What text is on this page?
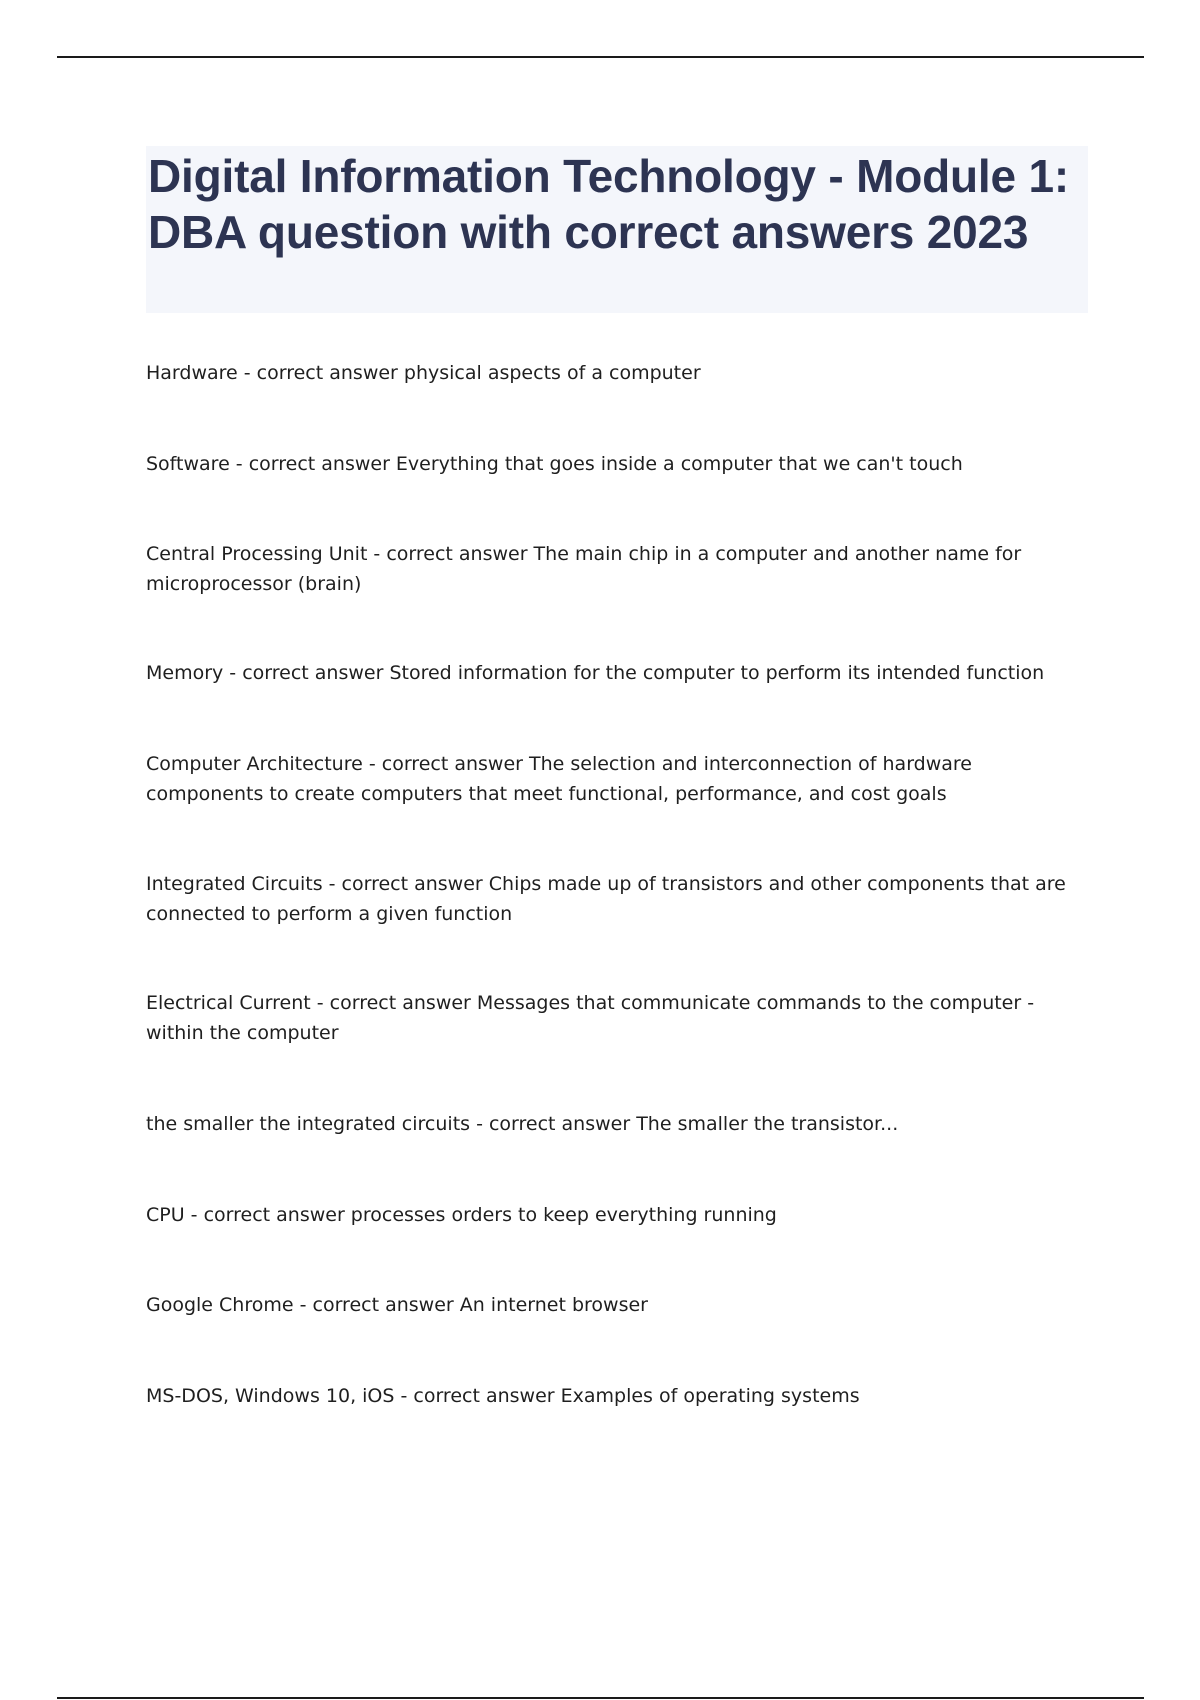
Digital Information Technology - Module 1: DBA question with correct answers 2023

Hardware - correct answer physical aspects of a computer

Software - correct answer Everything that goes inside a computer that we can't touch

Central Processing Unit - correct answer The main chip in a computer and another name for microprocessor (brain)

Memory - correct answer Stored information for the computer to perform its intended function

Computer Architecture - correct answer The selection and interconnection of hardware components to create computers that meet functional, performance, and cost goals

Integrated Circuits - correct answer Chips made up of transistors and other components that are connected to perform a given function

Electrical Current - correct answer Messages that communicate commands to the computer - within the computer

the smaller the integrated circuits - correct answer The smaller the transistor...

CPU - correct answer processes orders to keep everything running

Google Chrome - correct answer An internet browser

MS-DOS, Windows 10, iOS - correct answer Examples of operating systems
